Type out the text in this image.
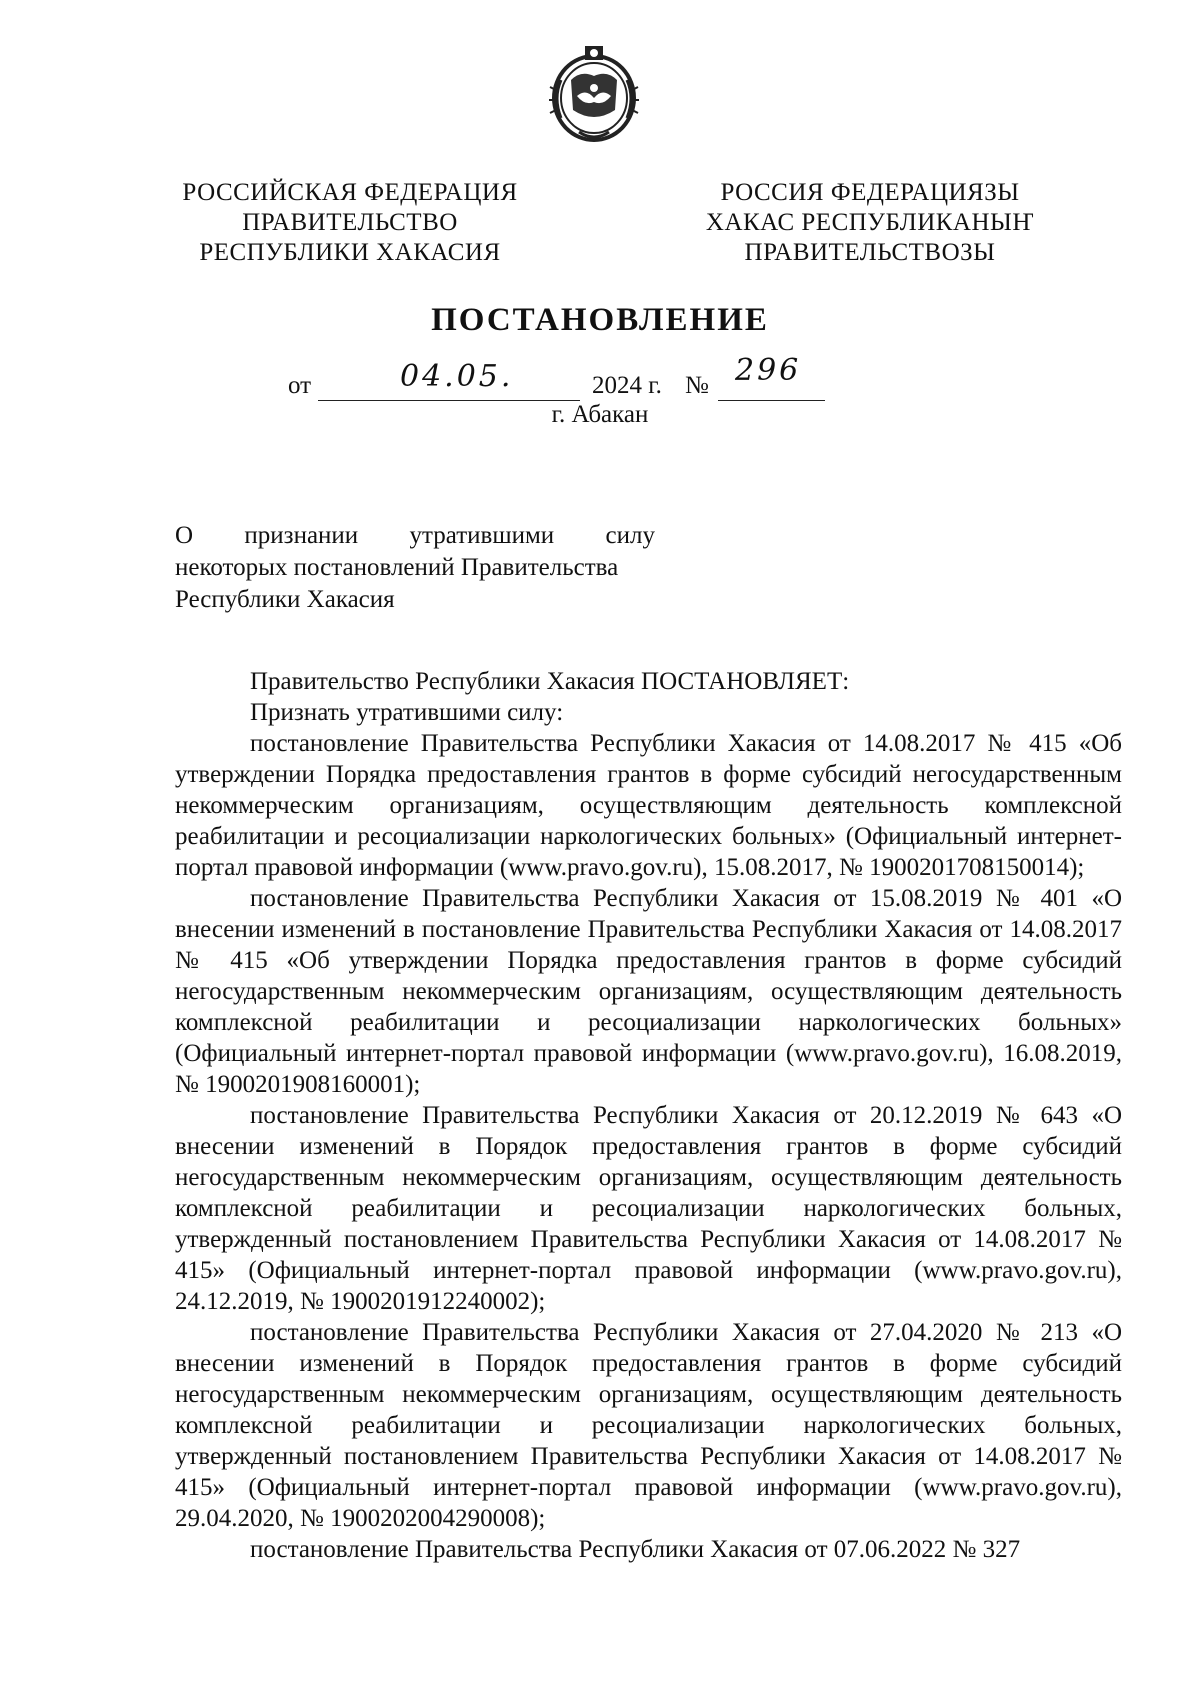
РОССИЙСКАЯ ФЕДЕРАЦИЯ
ПРАВИТЕЛЬСТВО
РЕСПУБЛИКИ ХАКАСИЯ
РОССИЯ ФЕДЕРАЦИЯЗЫ
ХАКАС РЕСПУБЛИКАНЫҤ
ПРАВИТЕЛЬСТВОЗЫ
ПОСТАНОВЛЕНИЕ
от	04.05.	2024 г. № 296
г. Абакан
О признании утратившими силу
некоторых постановлений Правительства Республики Хакасия

Правительство Республики Хакасия ПОСТАНОВЛЯЕТ:

Признать утратившими силу:

постановление Правительства Республики Хакасия от 14.08.2017 № 415 «Об утверждении Порядка предоставления грантов в форме субсидий негосударственным некоммерческим организациям, осуществляющим деятельность комплексной реабилитации и ресоциализации наркологических больных» (Официальный интернет-портал правовой информации (www.pravo.gov.ru), 15.08.2017, № 1900201708150014);

постановление Правительства Республики Хакасия от 15.08.2019 № 401 «О внесении изменений в постановление Правительства Республики Хакасия от 14.08.2017 № 415 «Об утверждении Порядка предоставления грантов в форме субсидий негосударственным некоммерческим организациям, осуществляющим деятельность комплексной реабилитации и ресоциализации наркологических больных» (Официальный интернет-портал правовой информации (www.pravo.gov.ru), 16.08.2019, № 1900201908160001);

постановление Правительства Республики Хакасия от 20.12.2019 № 643 «О внесении изменений в Порядок предоставления грантов в форме субсидий негосударственным некоммерческим организациям, осуществляющим деятельность комплексной реабилитации и ресоциализации наркологических больных, утвержденный постановлением Правительства Республики Хакасия от 14.08.2017 № 415» (Официальный интернет-портал правовой информации (www.pravo.gov.ru), 24.12.2019, № 1900201912240002);

постановление Правительства Республики Хакасия от 27.04.2020 № 213 «О внесении изменений в Порядок предоставления грантов в форме субсидий негосударственным некоммерческим организациям, осуществляющим деятельность комплексной реабилитации и ресоциализации наркологических больных, утвержденный постановлением Правительства Республики Хакасия от 14.08.2017 № 415» (Официальный интернет-портал правовой информации (www.pravo.gov.ru), 29.04.2020, № 1900202004290008);

постановление Правительства Республики Хакасия от 07.06.2022 № 327
